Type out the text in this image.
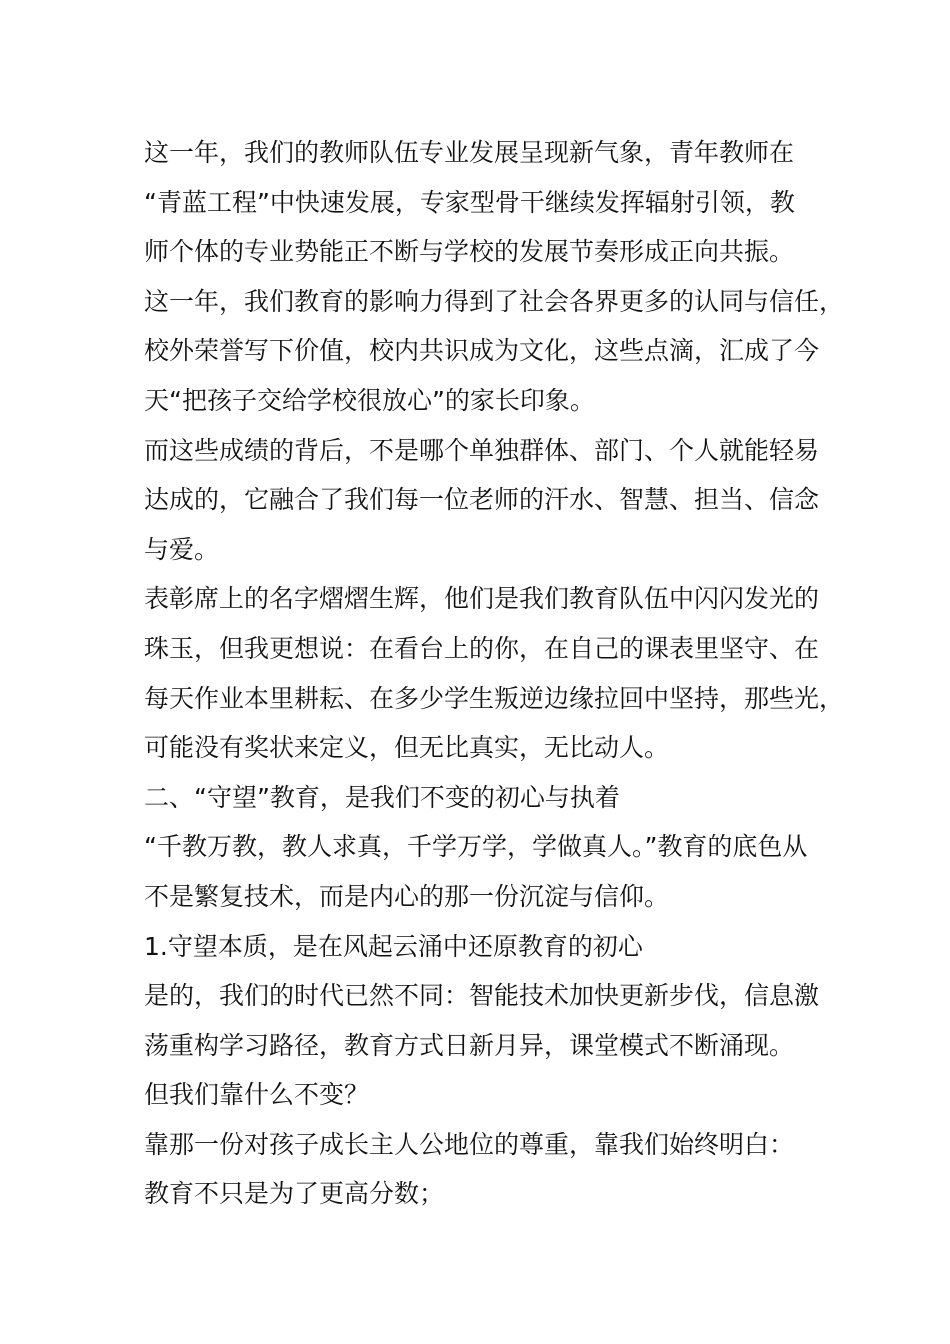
这一年，我们的教师队伍专业发展呈现新气象，青年教师在
“青蓝工程”中快速发展，专家型骨干继续发挥辐射引领，教
师个体的专业势能正不断与学校的发展节奏形成正向共振。
这一年，我们教育的影响力得到了社会各界更多的认同与信任，
校外荣誉写下价值，校内共识成为文化，这些点滴，汇成了今
天“把孩子交给学校很放心”的家长印象。
而这些成绩的背后，不是哪个单独群体、部门、个人就能轻易
达成的，它融合了我们每一位老师的汗水、智慧、担当、信念
与爱。
表彰席上的名字熠熠生辉，他们是我们教育队伍中闪闪发光的
珠玉，但我更想说：在看台上的你，在自己的课表里坚守、在
每天作业本里耕耘、在多少学生叛逆边缘拉回中坚持，那些光，
可能没有奖状来定义，但无比真实，无比动人。
二、“守望”教育，是我们不变的初心与执着
“千教万教，教人求真，千学万学，学做真人。”教育的底色从
不是繁复技术，而是内心的那一份沉淀与信仰。
1.守望本质，是在风起云涌中还原教育的初心
是的，我们的时代已然不同：智能技术加快更新步伐，信息激
荡重构学习路径，教育方式日新月异，课堂模式不断涌现。
但我们靠什么不变？
靠那一份对孩子成长主人公地位的尊重，靠我们始终明白：
教育不只是为了更高分数；
